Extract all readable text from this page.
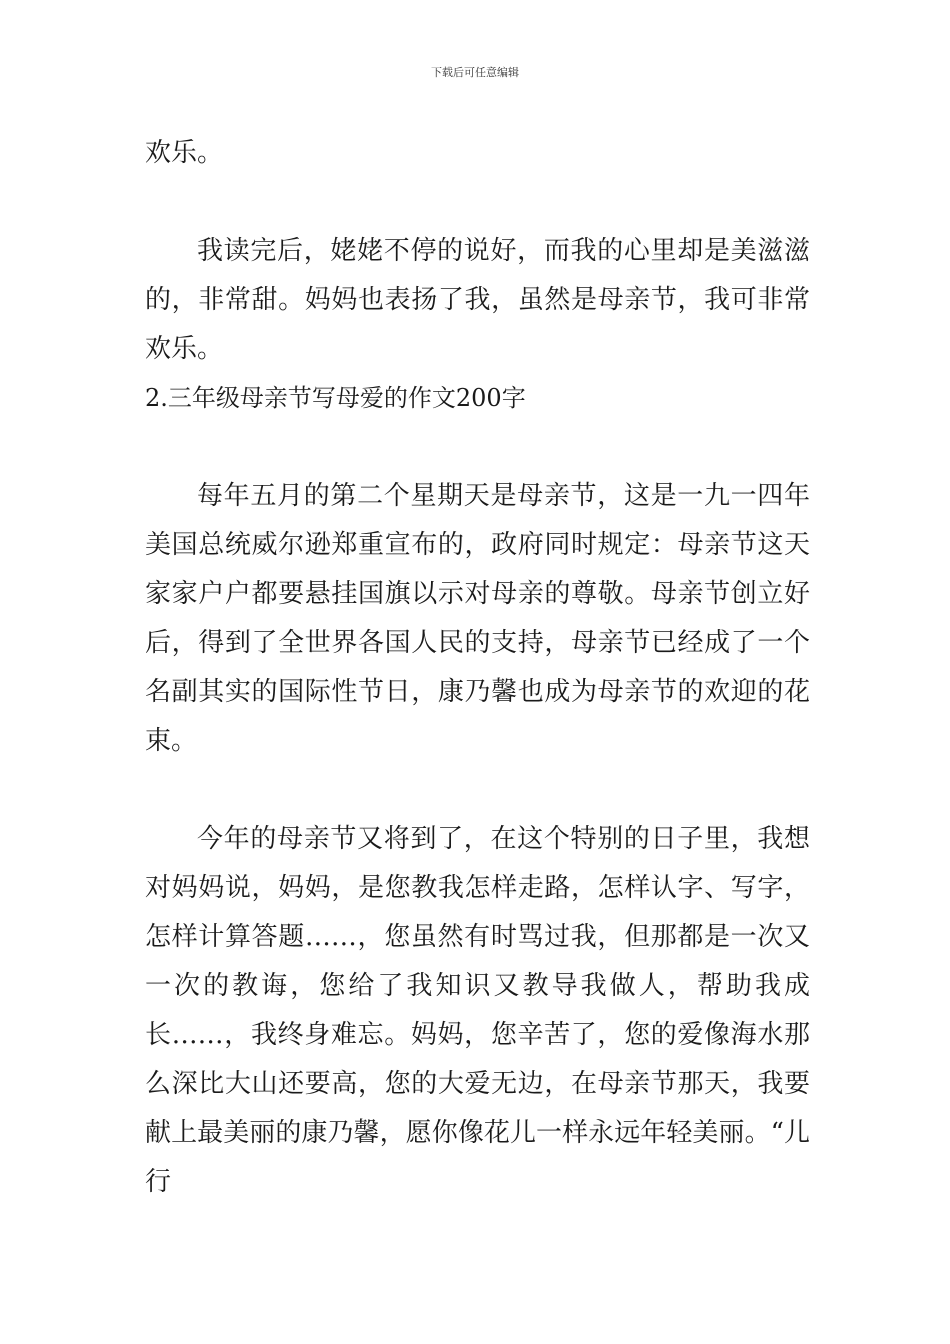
下载后可任意编辑

欢乐。

我读完后，姥姥不停的说好，而我的心里却是美滋滋的，非常甜。妈妈也表扬了我，虽然是母亲节，我可非常欢乐。

2.三年级母亲节写母爱的作文200字

每年五月的第二个星期天是母亲节，这是一九一四年美国总统威尔逊郑重宣布的，政府同时规定：母亲节这天家家户户都要悬挂国旗以示对母亲的尊敬。母亲节创立好后，得到了全世界各国人民的支持，母亲节已经成了一个名副其实的国际性节日，康乃馨也成为母亲节的欢迎的花束。

今年的母亲节又将到了，在这个特别的日子里，我想对妈妈说，妈妈，是您教我怎样走路，怎样认字、写字，怎样计算答题……，您虽然有时骂过我，但那都是一次又一次的教诲，您给了我知识又教导我做人，帮助我成长……，我终身难忘。妈妈，您辛苦了，您的爱像海水那么深比大山还要高，您的大爱无边，在母亲节那天，我要献上最美丽的康乃馨，愿你像花儿一样永远年轻美丽。“儿行
